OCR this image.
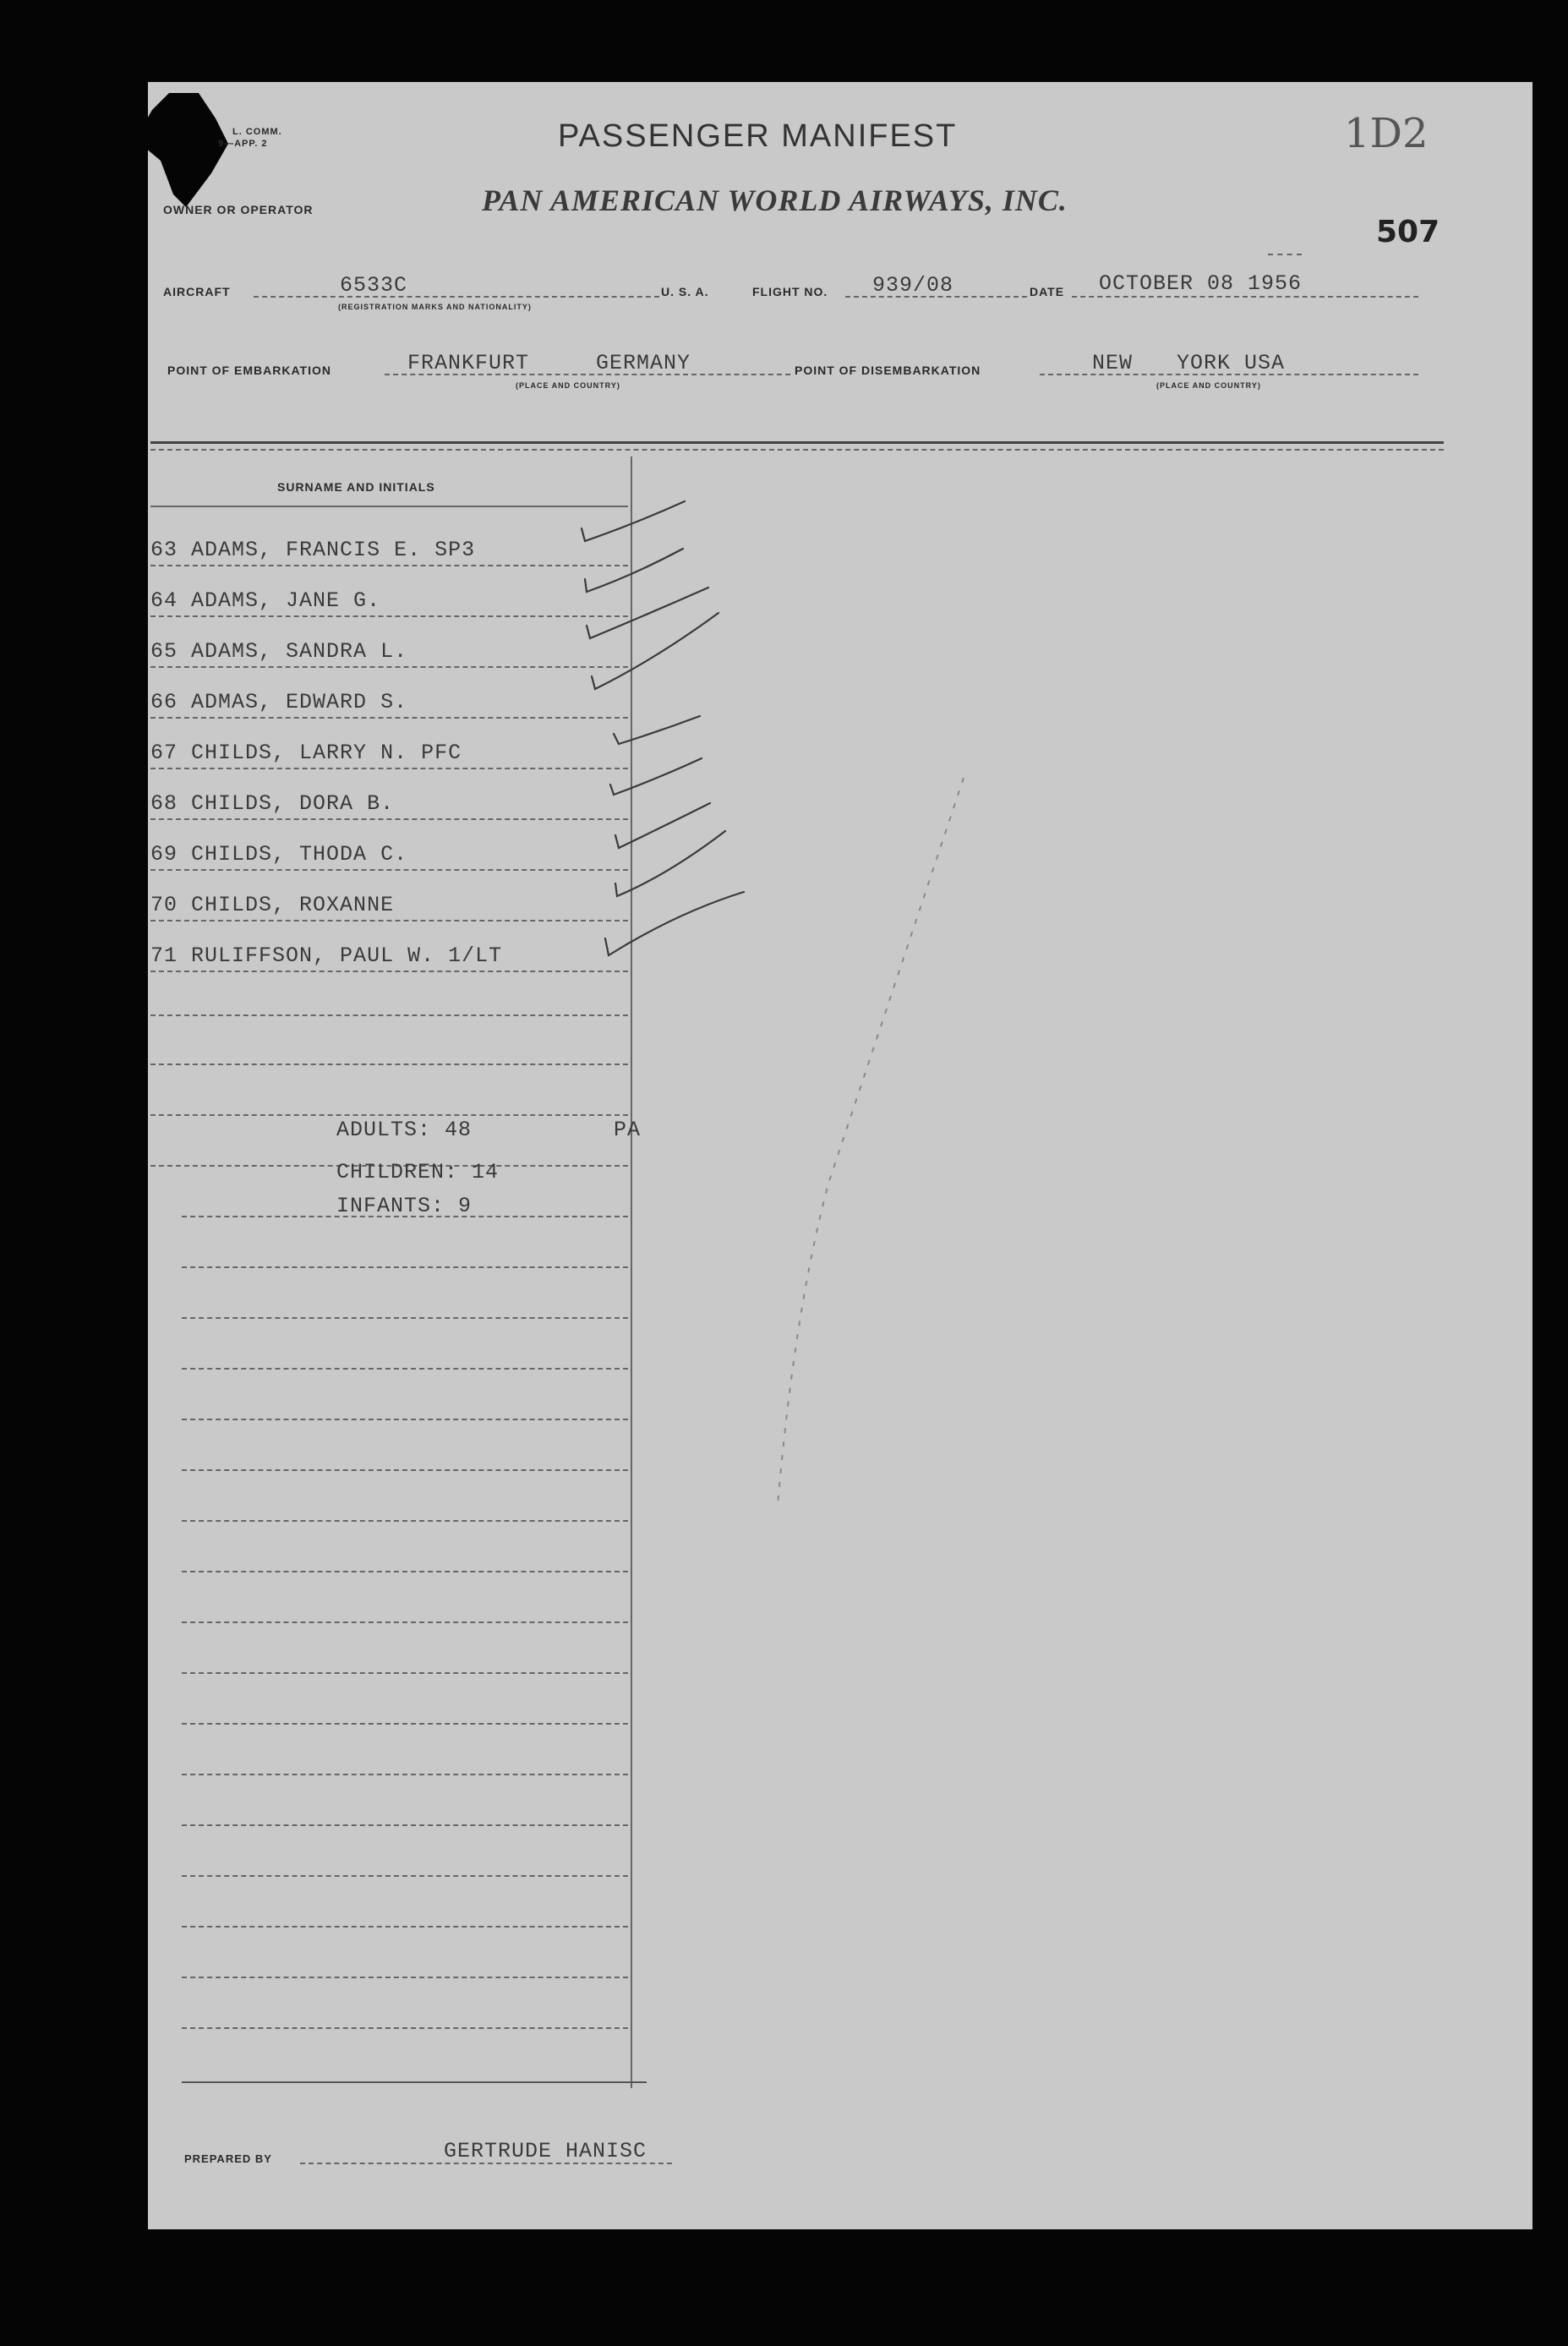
L. COMM.
9—APP. 2	PASSENGER MANIFEST
OWNER OR OPERATOR	PAN AMERICAN WORLD AIRWAYS, INC.
507
1D2
AIRCRAFT	6533C
(REGISTRATION MARKS AND NATIONALITY)
U. S. A.	FLIGHT NO. 939/08	DATE OCTOBER 08 1956
POINT OF EMBARKATION	FRANKFURT	GERMANY
(PLACE AND COUNTRY)
POINT OF DISEMBARKATION	NEW YORK USA
(PLACE AND COUNTRY)
SURNAME AND INITIALS
63 ADAMS, FRANCIS E. SP3
64 ADAMS, JANE G.
65 ADAMS, SANDRA L.
66 ADMAS, EDWARD S.
67 CHILDS, LARRY N. PFC
68 CHILDS, DORA B.
69 CHILDS, THODA C.
70 CHILDS, ROXANNE
71 RULIFFSON, PAUL W. 1/LT
ADULTS: 48
CHILDREN: 14
INFANTS: 9
PA
PREPARED BY	GERTRUDE HANISC
